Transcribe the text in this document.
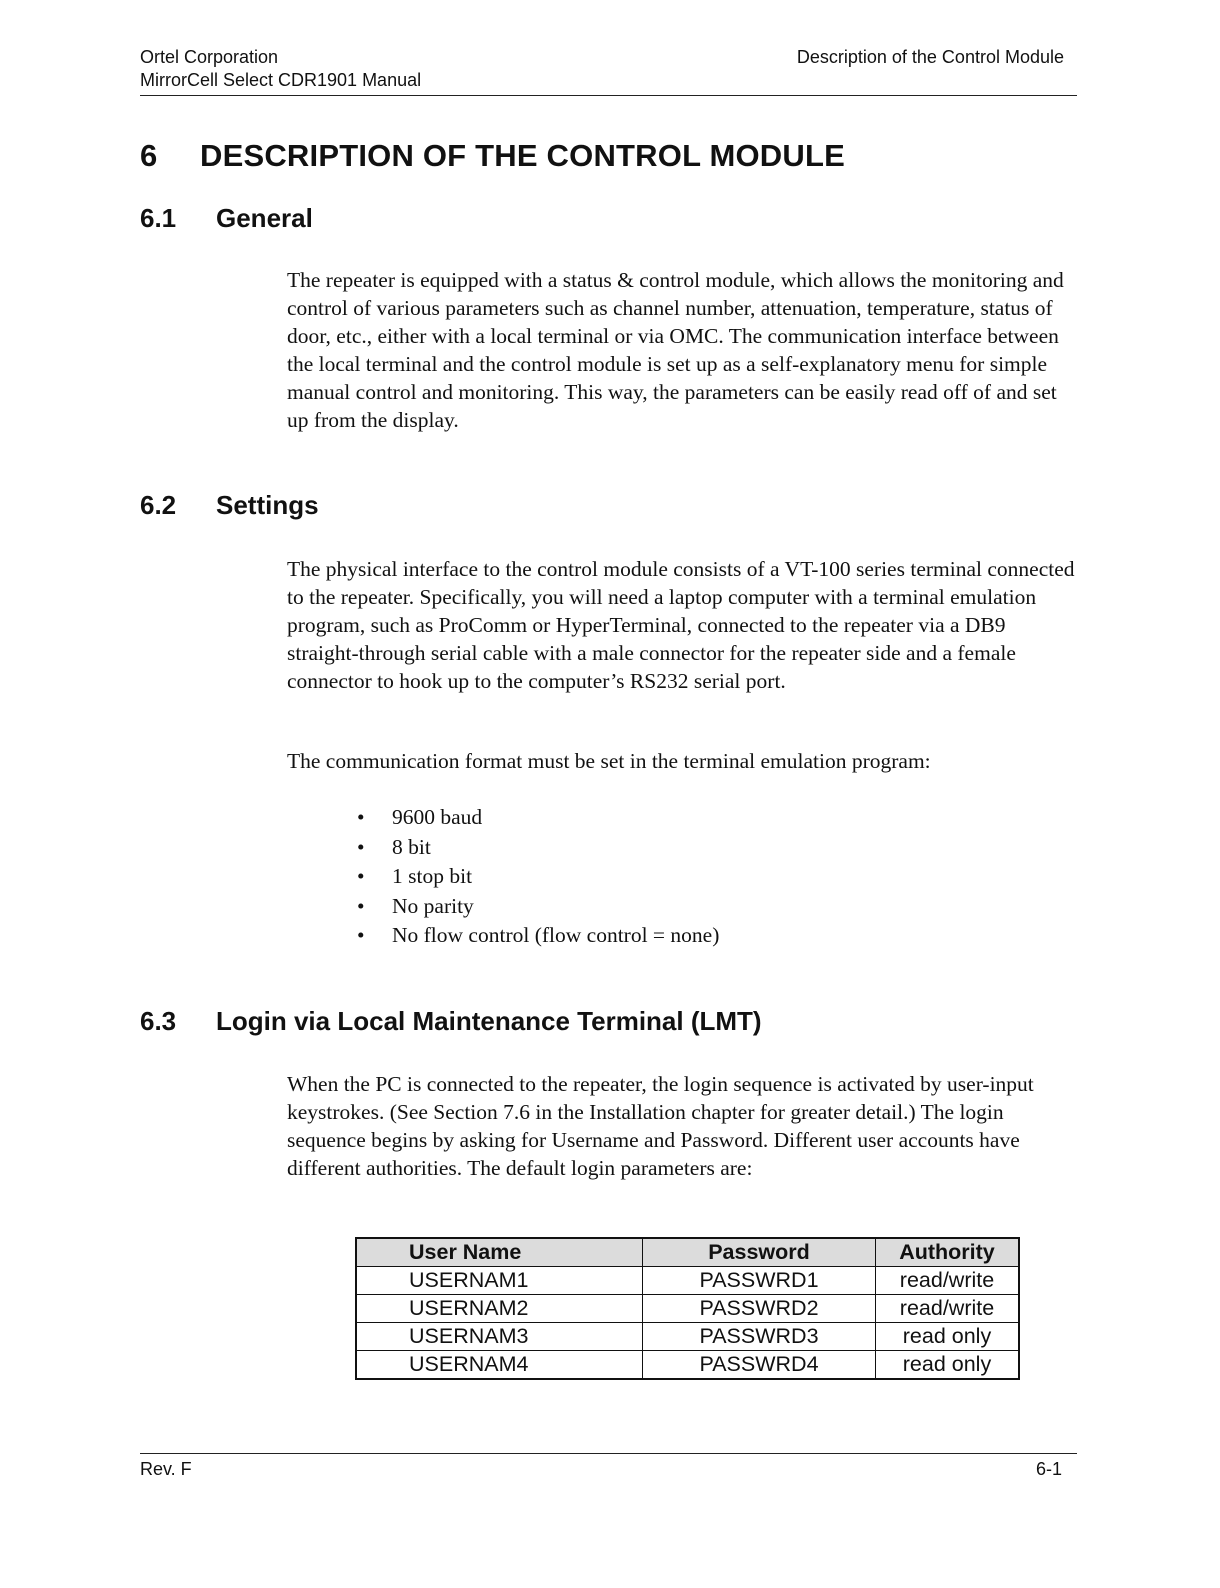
Ortel Corporation
MirrorCell Select CDR1901 Manual
Description of the Control Module
6 DESCRIPTION OF THE CONTROL MODULE
6.1 General

The repeater is equipped with a status & control module, which allows the monitoring and control of various parameters such as channel number, attenuation, temperature, status of door, etc., either with a local terminal or via OMC. The communication interface between the local terminal and the control module is set up as a self-explanatory menu for simple manual control and monitoring. This way, the parameters can be easily read off of and set up from the display.

6.2 Settings

The physical interface to the control module consists of a VT-100 series terminal connected to the repeater. Specifically, you will need a laptop computer with a terminal emulation program, such as ProComm or HyperTerminal, connected to the repeater via a DB9 straight-through serial cable with a male connector for the repeater side and a female connector to hook up to the computer’s RS232 serial port.

The communication format must be set in the terminal emulation program:

• 9600 baud
• 8 bit
• 1 stop bit
• No parity
• No flow control (flow control = none)
6.3 Login via Local Maintenance Terminal (LMT)

When the PC is connected to the repeater, the login sequence is activated by user-input keystrokes. (See Section 7.6 in the Installation chapter for greater detail.) The login sequence begins by asking for Username and Password. Different user accounts have different authorities. The default login parameters are:

User Name	Password	Authority
USERNAM1	PASSWRD1	read/write
USERNAM2	PASSWRD2	read/write
USERNAM3	PASSWRD3	read only
USERNAM4	PASSWRD4	read only
Rev. F	6-1
